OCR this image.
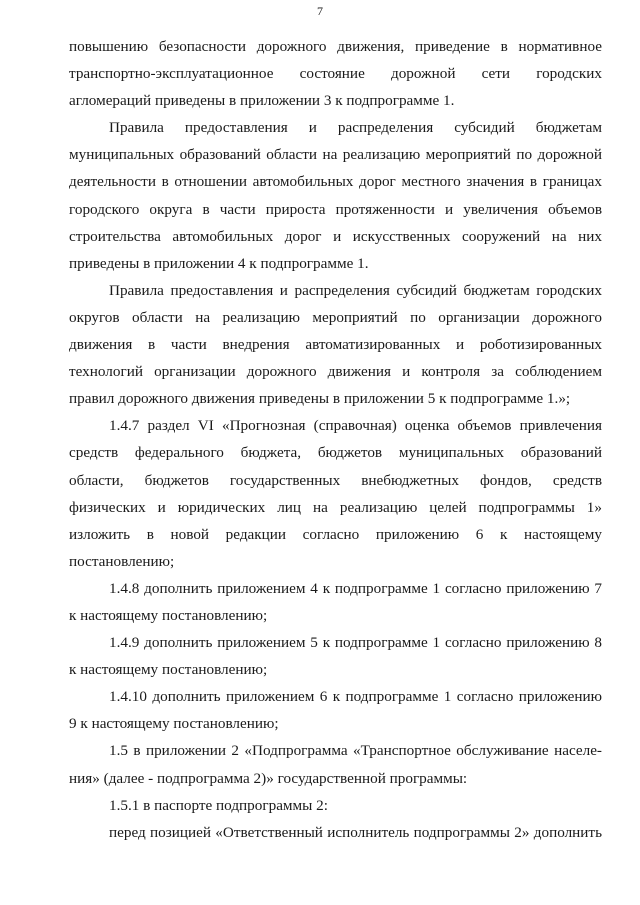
7
повышению безопасности дорожного движения, приведение в нормативное
транспортно-эксплуатационное состояние дорожной сети городских
агломераций приведены в приложении 3 к подпрограмме 1.
Правила предоставления и распределения субсидий бюджетам
муниципальных образований области на реализацию мероприятий по дорожной
деятельности в отношении автомобильных дорог местного значения в границах
городского округа в части прироста протяженности и увеличения объемов
строительства автомобильных дорог и искусственных сооружений на них
приведены в приложении 4 к подпрограмме 1.
Правила предоставления и распределения субсидий бюджетам городских
округов области на реализацию мероприятий по организации дорожного
движения в части внедрения автоматизированных и роботизированных
технологий организации дорожного движения и контроля за соблюдением
правил дорожного движения приведены в приложении 5 к подпрограмме 1.»;
1.4.7 раздел VI «Прогнозная (справочная) оценка объемов привлечения
средств федерального бюджета, бюджетов муниципальных образований
области, бюджетов государственных внебюджетных фондов, средств
физических и юридических лиц на реализацию целей подпрограммы 1»
изложить в новой редакции согласно приложению 6 к настоящему
постановлению;
1.4.8 дополнить приложением 4 к подпрограмме 1 согласно приложению 7
к настоящему постановлению;
1.4.9 дополнить приложением 5 к подпрограмме 1 согласно приложению 8
к настоящему постановлению;
1.4.10 дополнить приложением 6 к подпрограмме 1 согласно приложению
9 к настоящему постановлению;
1.5 в приложении 2 «Подпрограмма «Транспортное обслуживание населе-
ния» (далее - подпрограмма 2)» государственной программы:
1.5.1 в паспорте подпрограммы 2:
перед позицией «Ответственный исполнитель подпрограммы 2» дополнить
